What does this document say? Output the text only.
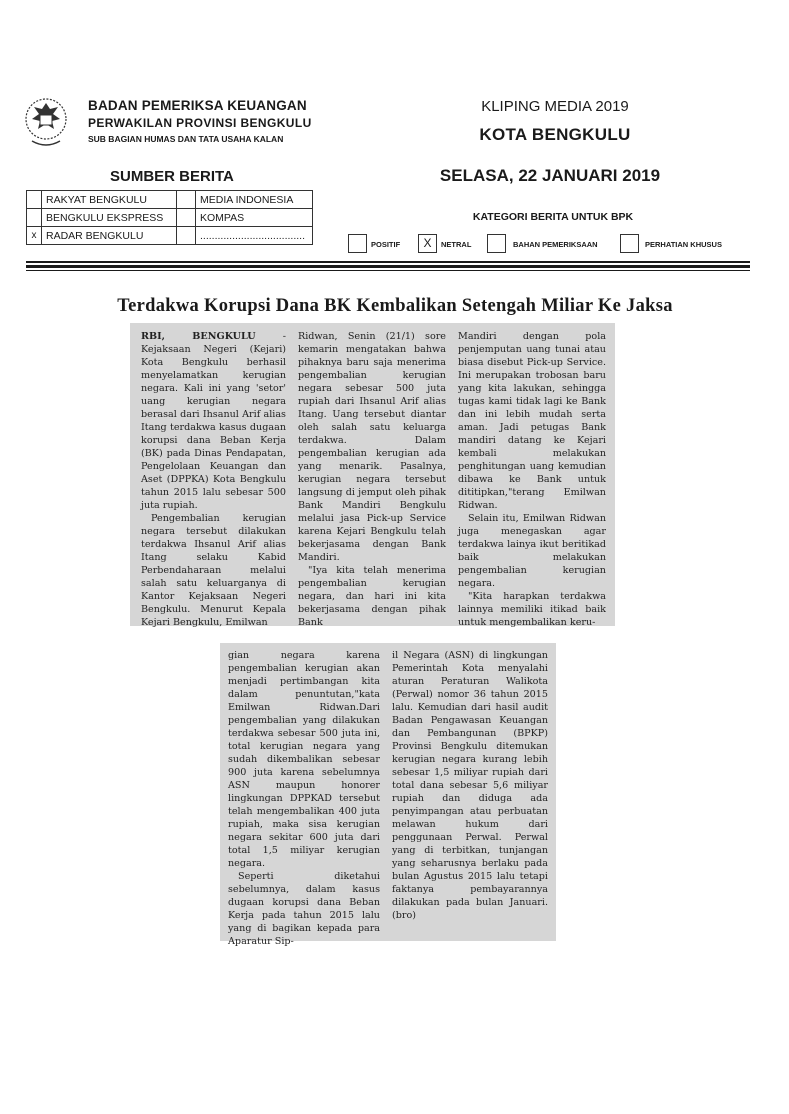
BADAN PEMERIKSA KEUANGAN
PERWAKILAN PROVINSI BENGKULU
SUB BAGIAN HUMAS DAN TATA USAHA KALAN
KLIPING MEDIA 2019
KOTA BENGKULU
SUMBER BERITA	SELASA, 22 JANUARI 2019
	RAKYAT BENGKULU		MEDIA INDONESIA
	BENGKULU EKSPRESS		KOMPAS
x	RADAR BENGKULU		....................................
KATEGORI BERITA UNTUK BPK
POSITIF	X	NETRAL	BAHAN PEMERIKSAAN	PERHATIAN KHUSUS
Terdakwa Korupsi Dana BK Kembalikan Setengah Miliar Ke Jaksa

RBI, BENGKULU - Kejaksaan Negeri (Kejari) Kota Bengkulu berhasil menyelamatkan kerugian negara. Kali ini yang 'setor' uang kerugian negara berasal dari Ihsanul Arif alias Itang terdakwa kasus dugaan korupsi dana Beban Kerja (BK) pada Dinas Pendapatan, Pengelolaan Keuangan dan Aset (DPPKA) Kota Bengkulu tahun 2015 lalu sebesar 500 juta rupiah.

Pengembalian kerugian negara tersebut dilakukan terdakwa Ihsanul Arif alias Itang selaku Kabid Perbendaharaan melalui salah satu keluarganya di Kantor Kejaksaan Negeri Bengkulu. Menurut Kepala Kejari Bengkulu, Emilwan

Ridwan, Senin (21/1) sore kemarin mengatakan bahwa pihaknya baru saja menerima pengembalian kerugian negara sebesar 500 juta rupiah dari Ihsanul Arif alias Itang. Uang tersebut diantar oleh salah satu keluarga terdakwa. Dalam pengembalian kerugian ada yang menarik. Pasalnya, kerugian negara tersebut langsung di jemput oleh pihak Bank Mandiri Bengkulu melalui jasa Pick-up Service karena Kejari Bengkulu telah bekerjasama dengan Bank Mandiri.

"Iya kita telah menerima pengembalian kerugian negara, dan hari ini kita bekerjasama dengan pihak Bank

Mandiri dengan pola penjemputan uang tunai atau biasa disebut Pick-up Service. Ini merupakan trobosan baru yang kita lakukan, sehingga tugas kami tidak lagi ke Bank dan ini lebih mudah serta aman. Jadi petugas Bank mandiri datang ke Kejari kembali melakukan penghitungan uang kemudian dibawa ke Bank untuk dititipkan,"terang Emilwan Ridwan.

Selain itu, Emilwan Ridwan juga menegaskan agar terdakwa lainya ikut beritikad baik melakukan pengembalian kerugian negara.

"Kita harapkan terdakwa lainnya memiliki itikad baik untuk mengembalikan keru-

gian negara karena pengembalian kerugian akan menjadi pertimbangan kita dalam penuntutan,"kata Emilwan Ridwan.Dari pengembalian yang dilakukan terdakwa sebesar 500 juta ini, total kerugian negara yang sudah dikembalikan sebesar 900 juta karena sebelumnya ASN maupun honorer lingkungan DPPKAD tersebut telah mengembalikan 400 juta rupiah, maka sisa kerugian negara sekitar 600 juta dari total 1,5 miliyar kerugian negara.

Seperti diketahui sebelumnya, dalam kasus dugaan korupsi dana Beban Kerja pada tahun 2015 lalu yang di bagikan kepada para Aparatur Sip-

il Negara (ASN) di lingkungan Pemerintah Kota menyalahi aturan Peraturan Walikota (Perwal) nomor 36 tahun 2015 lalu. Kemudian dari hasil audit Badan Pengawasan Keuangan dan Pembangunan (BPKP) Provinsi Bengkulu ditemukan kerugian negara kurang lebih sebesar 1,5 miliyar rupiah dari total dana sebesar 5,6 miliyar rupiah dan diduga ada penyimpangan atau perbuatan melawan hukum dari penggunaan Perwal. Perwal yang di terbitkan, tunjangan yang seharusnya berlaku pada bulan Agustus 2015 lalu tetapi faktanya pembayarannya dilakukan pada bulan Januari.(bro)
